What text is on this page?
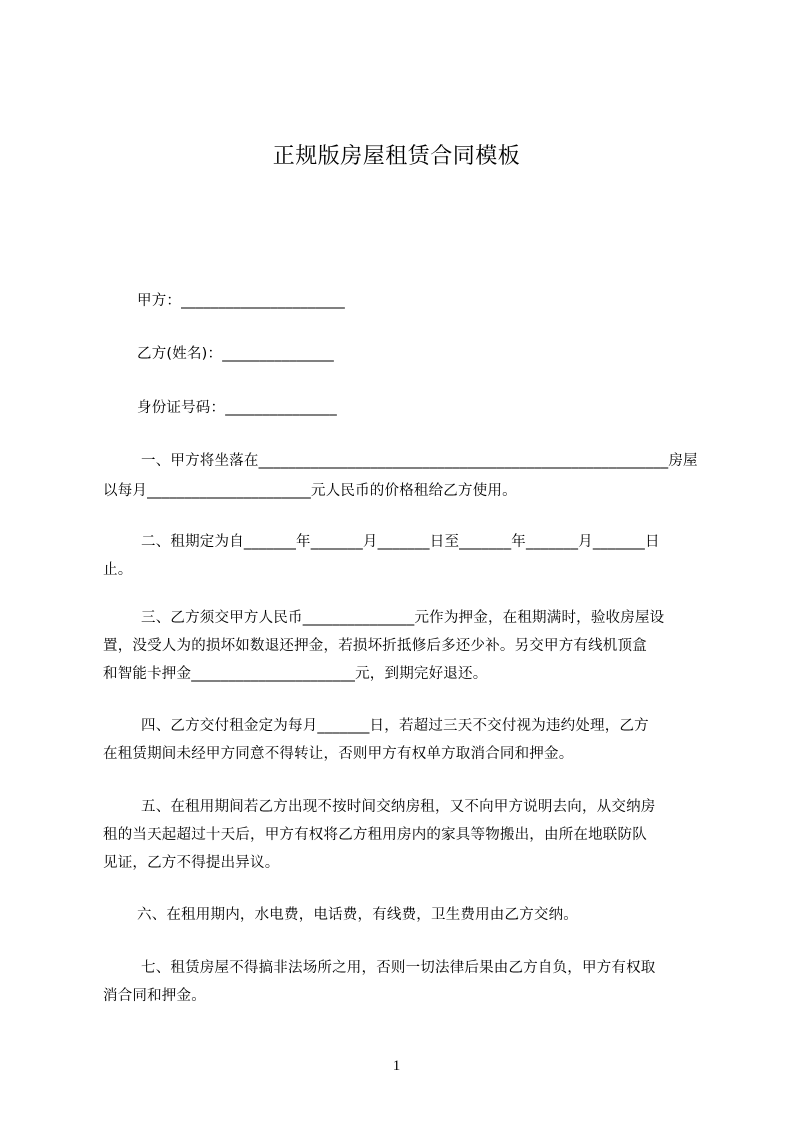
正规版房屋租赁合同模板
甲方：______________________
乙方(姓名)：_______________
身份证号码：_______________
一、甲方将坐落在_______________________________________________________房屋
以每月______________________元人民币的价格租给乙方使用。
二、租期定为自_______年_______月_______日至_______年_______月_______日
止。
三、乙方须交甲方人民币_______________元作为押金，在租期满时，验收房屋设
置，没受人为的损坏如数退还押金，若损坏折抵修后多还少补。另交甲方有线机顶盒
和智能卡押金______________________元，到期完好退还。
四、乙方交付租金定为每月_______日，若超过三天不交付视为违约处理，乙方
在租赁期间未经甲方同意不得转让，否则甲方有权单方取消合同和押金。
五、在租用期间若乙方出现不按时间交纳房租，又不向甲方说明去向，从交纳房
租的当天起超过十天后，甲方有权将乙方租用房内的家具等物搬出，由所在地联防队
见证，乙方不得提出异议。
六、在租用期内，水电费，电话费，有线费，卫生费用由乙方交纳。
七、租赁房屋不得搞非法场所之用，否则一切法律后果由乙方自负，甲方有权取
消合同和押金。
1
